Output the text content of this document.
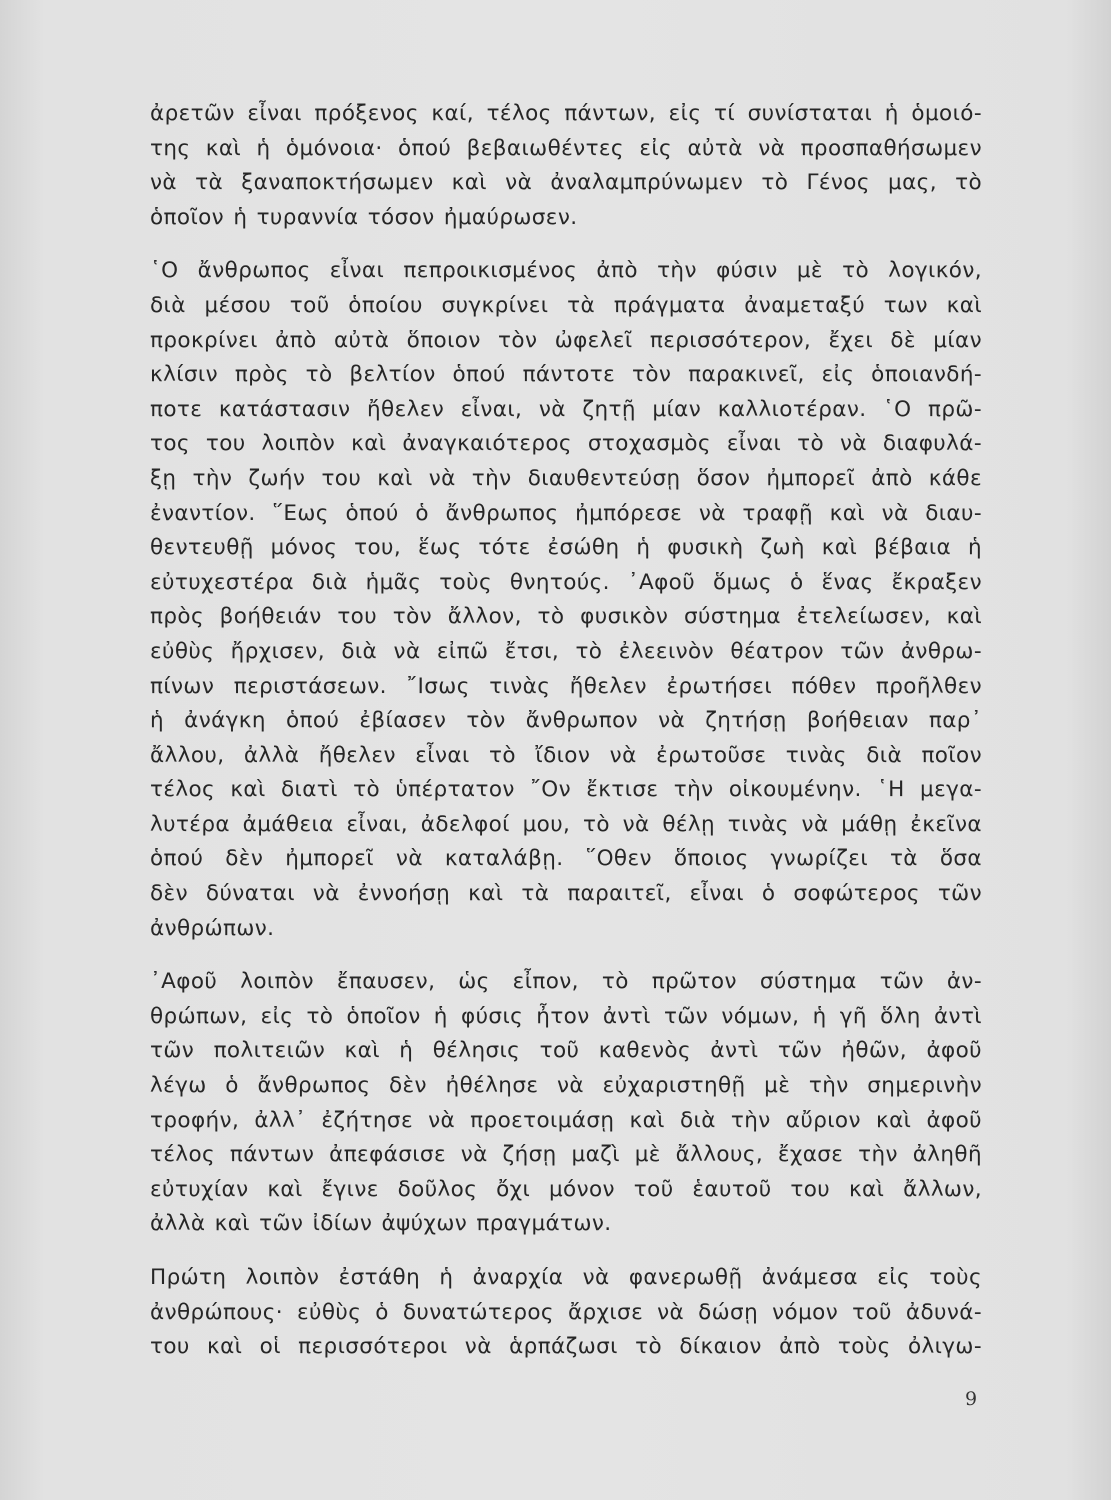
ἀρετῶν εἶναι πρόξενος καί, τέλος πάντων, εἰς τί συνίσταται ἡ ὁμοιό-
της καὶ ἡ ὁμόνοια· ὁπού βεβαιωθέντες εἰς αὐτὰ νὰ προσπαθήσωμεν
νὰ τὰ ξαναποκτήσωμεν καὶ νὰ ἀναλαμπρύνωμεν τὸ Γένος μας, τὸ
ὁποῖον ἡ τυραννία τόσον ἠμαύρωσεν.
῾Ο ἄνθρωπος εἶναι πεπροικισμένος ἀπὸ τὴν φύσιν μὲ τὸ λογικόν,
διὰ μέσου τοῦ ὁποίου συγκρίνει τὰ πράγματα ἀναμεταξύ των καὶ
προκρίνει ἀπὸ αὐτὰ ὅποιον τὸν ὠφελεῖ περισσότερον, ἔχει δὲ μίαν
κλίσιν πρὸς τὸ βελτίον ὁπού πάντοτε τὸν παρακινεῖ, εἰς ὁποιανδή-
ποτε κατάστασιν ἤθελεν εἶναι, νὰ ζητῇ μίαν καλλιοτέραν. ῾Ο πρῶ-
τος του λοιπὸν καὶ ἀναγκαιότερος στοχασμὸς εἶναι τὸ νὰ διαφυλά-
ξῃ τὴν ζωήν του καὶ νὰ τὴν διαυθεντεύσῃ ὅσον ἠμπορεῖ ἀπὸ κάθε
ἐναντίον. ῞Εως ὁπού ὁ ἄνθρωπος ἠμπόρεσε νὰ τραφῇ καὶ νὰ διαυ-
θεντευθῇ μόνος του, ἕως τότε ἐσώθη ἡ φυσικὴ ζωὴ καὶ βέβαια ἡ
εὐτυχεστέρα διὰ ἡμᾶς τοὺς θνητούς. ᾽Αφοῦ ὅμως ὁ ἕνας ἔκραξεν
πρὸς βοήθειάν του τὸν ἄλλον, τὸ φυσικὸν σύστημα ἐτελείωσεν, καὶ
εὐθὺς ἤρχισεν, διὰ νὰ εἰπῶ ἔτσι, τὸ ἐλεεινὸν θέατρον τῶν ἀνθρω-
πίνων περιστάσεων. ῎Ισως τινὰς ἤθελεν ἐρωτήσει πόθεν προῆλθεν
ἡ ἀνάγκη ὁπού ἐβίασεν τὸν ἄνθρωπον νὰ ζητήσῃ βοήθειαν παρ᾽
ἄλλου, ἀλλὰ ἤθελεν εἶναι τὸ ἴδιον νὰ ἐρωτοῦσε τινὰς διὰ ποῖον
τέλος καὶ διατὶ τὸ ὑπέρτατον ῎Ον ἔκτισε τὴν οἰκουμένην. ῾Η μεγα-
λυτέρα ἀμάθεια εἶναι, ἀδελφοί μου, τὸ νὰ θέλῃ τινὰς νὰ μάθῃ ἐκεῖνα
ὁπού δὲν ἠμπορεῖ νὰ καταλάβῃ. ῞Οθεν ὅποιος γνωρίζει τὰ ὅσα
δὲν δύναται νὰ ἐννοήσῃ καὶ τὰ παραιτεῖ, εἶναι ὁ σοφώτερος τῶν
ἀνθρώπων.
᾽Αφοῦ λοιπὸν ἔπαυσεν, ὡς εἶπον, τὸ πρῶτον σύστημα τῶν ἀν-
θρώπων, εἰς τὸ ὁποῖον ἡ φύσις ἦτον ἀντὶ τῶν νόμων, ἡ γῆ ὅλη ἀντὶ
τῶν πολιτειῶν καὶ ἡ θέλησις τοῦ καθενὸς ἀντὶ τῶν ἠθῶν, ἀφοῦ
λέγω ὁ ἄνθρωπος δὲν ἠθέλησε νὰ εὐχαριστηθῇ μὲ τὴν σημερινὴν
τροφήν, ἀλλ᾽ ἐζήτησε νὰ προετοιμάσῃ καὶ διὰ τὴν αὔριον καὶ ἀφοῦ
τέλος πάντων ἀπεφάσισε νὰ ζήσῃ μαζὶ μὲ ἄλλους, ἔχασε τὴν ἀληθῆ
εὐτυχίαν καὶ ἔγινε δοῦλος ὄχι μόνον τοῦ ἑαυτοῦ του καὶ ἄλλων,
ἀλλὰ καὶ τῶν ἰδίων ἀψύχων πραγμάτων.
Πρώτη λοιπὸν ἐστάθη ἡ ἀναρχία νὰ φανερωθῇ ἀνάμεσα εἰς τοὺς
ἀνθρώπους· εὐθὺς ὁ δυνατώτερος ἄρχισε νὰ δώσῃ νόμον τοῦ ἀδυνά-
του καὶ οἱ περισσότεροι νὰ ἁρπάζωσι τὸ δίκαιον ἀπὸ τοὺς ὀλιγω-
9
